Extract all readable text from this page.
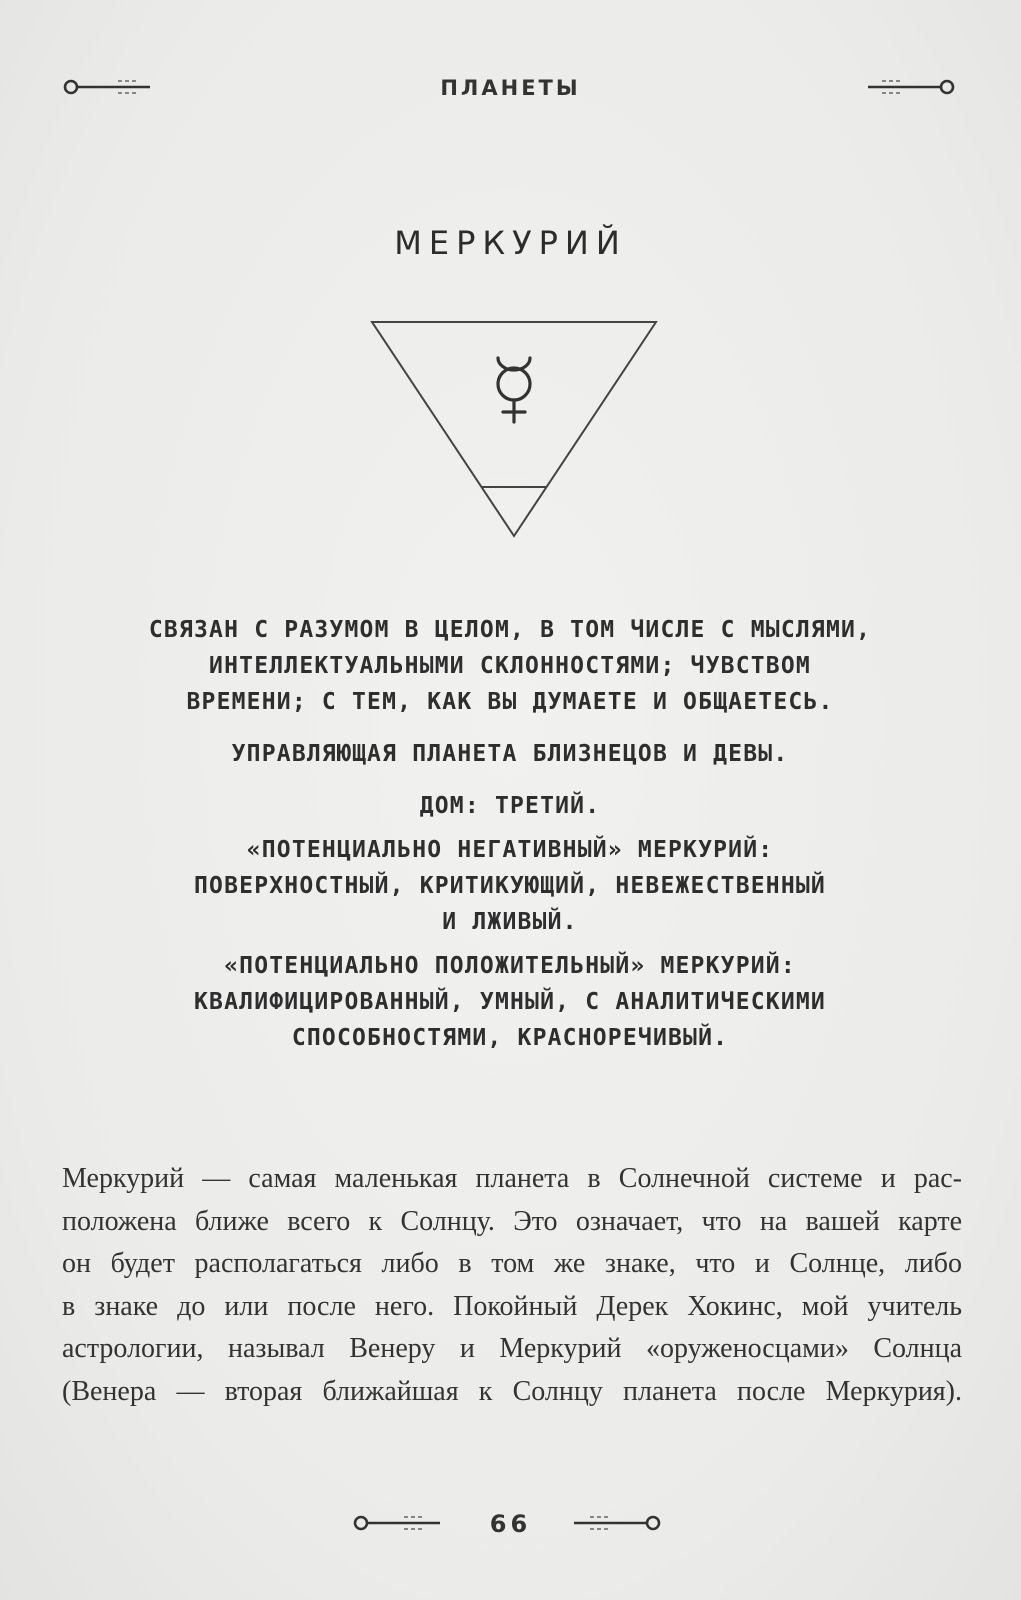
ПЛАНЕТЫ
МЕРКУРИЙ

СВЯЗАН С РАЗУМОМ В ЦЕЛОМ, В ТОМ ЧИСЛЕ С МЫСЛЯМИ,
ИНТЕЛЛЕКТУАЛЬНЫМИ СКЛОННОСТЯМИ; ЧУВСТВОМ
ВРЕМЕНИ; С ТЕМ, КАК ВЫ ДУМАЕТЕ И ОБЩАЕТЕСЬ.

УПРАВЛЯЮЩАЯ ПЛАНЕТА БЛИЗНЕЦОВ И ДЕВЫ.

ДОМ: ТРЕТИЙ.

«ПОТЕНЦИАЛЬНО НЕГАТИВНЫЙ» МЕРКУРИЙ:
ПОВЕРХНОСТНЫЙ, КРИТИКУЮЩИЙ, НЕВЕЖЕСТВЕННЫЙ
И ЛЖИВЫЙ.

«ПОТЕНЦИАЛЬНО ПОЛОЖИТЕЛЬНЫЙ» МЕРКУРИЙ:
КВАЛИФИЦИРОВАННЫЙ, УМНЫЙ, С АНАЛИТИЧЕСКИМИ
СПОСОБНОСТЯМИ, КРАСНОРЕЧИВЫЙ.

Меркурий — самая маленькая планета в Солнечной системе и рас-
положена ближе всего к Солнцу. Это означает, что на вашей карте
он будет располагаться либо в том же знаке, что и Солнце, либо
в знаке до или после него. Покойный Дерек Хокинс, мой учитель
астрологии, называл Венеру и Меркурий «оруженосцами» Солнца
(Венера — вторая ближайшая к Солнцу планета после Меркурия).
66
